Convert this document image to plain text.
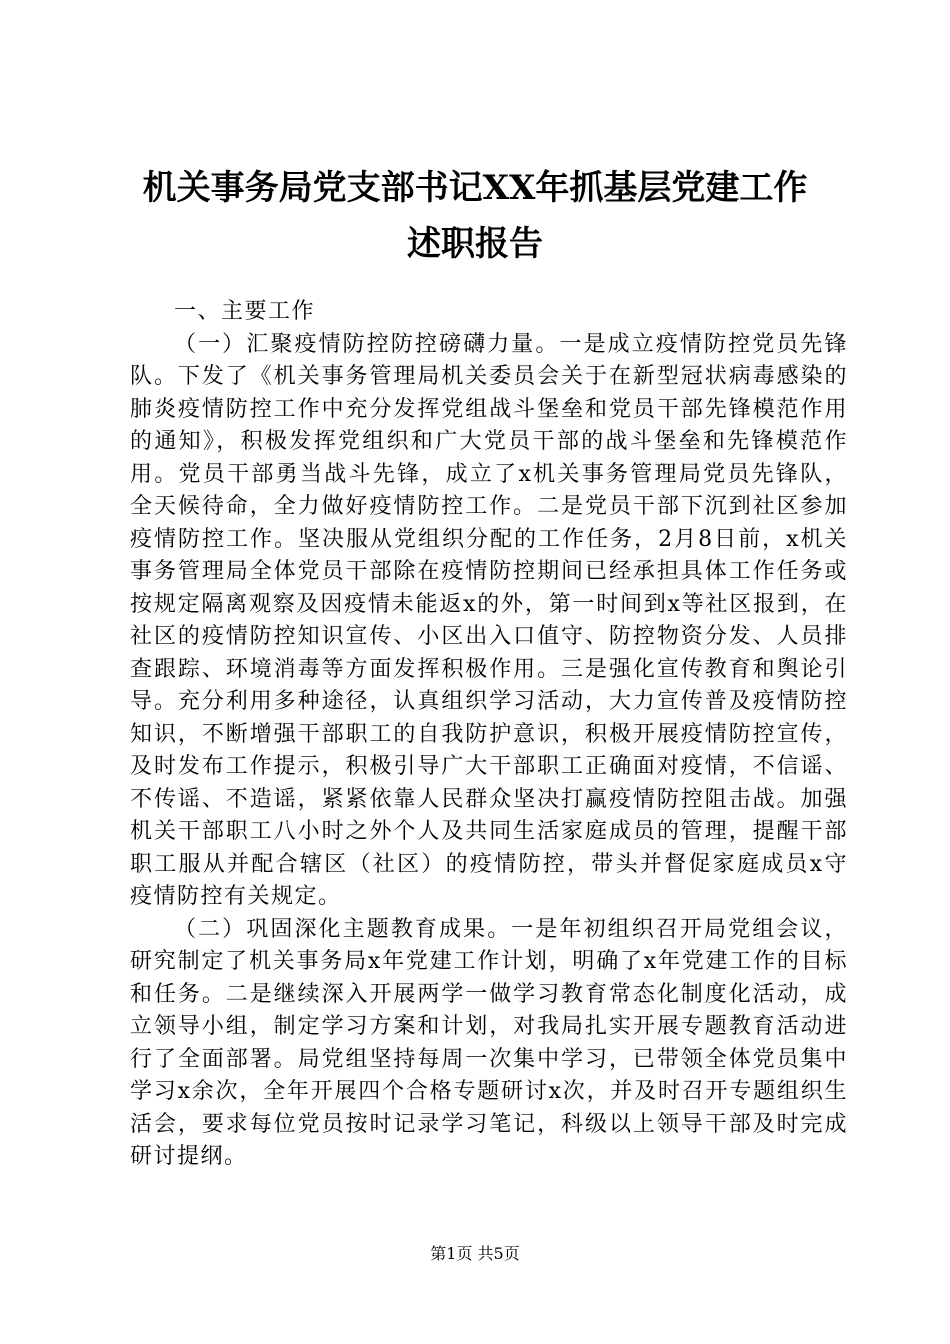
机关事务局党支部书记XX年抓基层党建工作
述职报告

一、主要工作

（一）汇聚疫情防控防控磅礴力量。一是成立疫情防控党员先锋队。下发了《机关事务管理局机关委员会关于在新型冠状病毒感染的肺炎疫情防控工作中充分发挥党组战斗堡垒和党员干部先锋模范作用的通知》，积极发挥党组织和广大党员干部的战斗堡垒和先锋模范作用。党员干部勇当战斗先锋，成立了x机关事务管理局党员先锋队，全天候待命，全力做好疫情防控工作。二是党员干部下沉到社区参加疫情防控工作。坚决服从党组织分配的工作任务，2月8日前，x机关事务管理局全体党员干部除在疫情防控期间已经承担具体工作任务或按规定隔离观察及因疫情未能返x的外，第一时间到x等社区报到，在社区的疫情防控知识宣传、小区出入口值守、防控物资分发、人员排查跟踪、环境消毒等方面发挥积极作用。三是强化宣传教育和舆论引导。充分利用多种途径，认真组织学习活动，大力宣传普及疫情防控知识，不断增强干部职工的自我防护意识，积极开展疫情防控宣传，及时发布工作提示，积极引导广大干部职工正确面对疫情，不信谣、不传谣、不造谣，紧紧依靠人民群众坚决打赢疫情防控阻击战。加强机关干部职工八小时之外个人及共同生活家庭成员的管理，提醒干部职工服从并配合辖区（社区）的疫情防控，带头并督促家庭成员x守疫情防控有关规定。

（二）巩固深化主题教育成果。一是年初组织召开局党组会议，研究制定了机关事务局x年党建工作计划，明确了x年党建工作的目标和任务。二是继续深入开展两学一做学习教育常态化制度化活动，成立领导小组，制定学习方案和计划，对我局扎实开展专题教育活动进行了全面部署。局党组坚持每周一次集中学习，已带领全体党员集中学习x余次，全年开展四个合格专题研讨x次，并及时召开专题组织生活会，要求每位党员按时记录学习笔记，科级以上领导干部及时完成研讨提纲。

第1页 共5页
